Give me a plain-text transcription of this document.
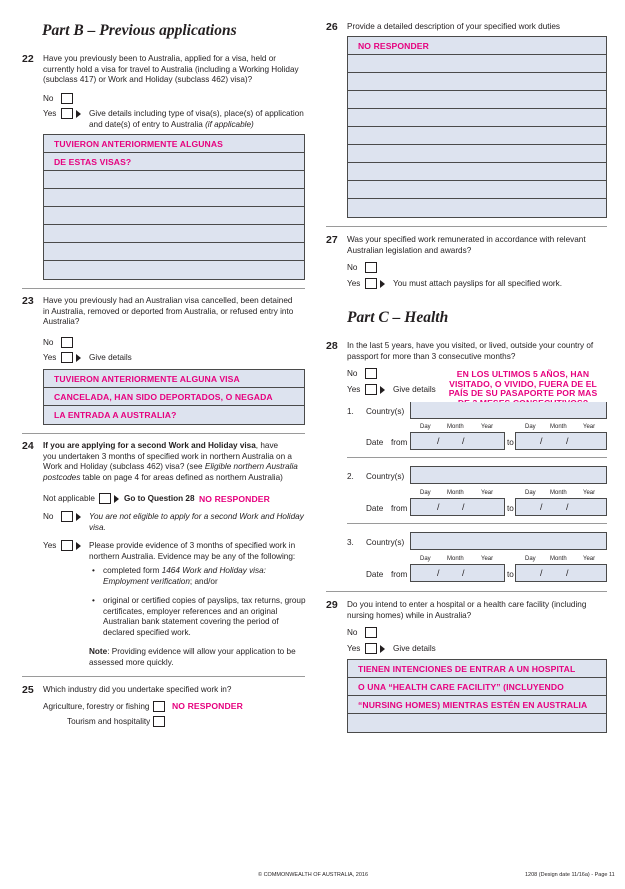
Part B – Previous applications
22 Have you previously been to Australia, applied for a visa, held or
currently hold a visa for travel to Australia (including a Working Holiday
(subclass 417) or Work and Holiday (subclass 462) visa)?
No
Yes	Give details including type of visa(s), place(s) of application
and date(s) of entry to Australia (if applicable)
TUVIERON ANTERIORMENTE ALGUNAS
DE ESTAS VISAS?
23 Have you previously had an Australian visa cancelled, been detained
in Australia, removed or deported from Australia, or refused entry into
Australia?
No
Yes	Give details
TUVIERON ANTERIORMENTE ALGUNA VISA
CANCELADA, HAN SIDO DEPORTADOS, O NEGADA
LA ENTRADA A AUSTRALIA?
24 If you are applying for a second Work and Holiday visa, have
you undertaken 3 months of specified work in northern Australia on a
Work and Holiday (subclass 462) visa? (see Eligible northern Australia
postcodes table on page 4 for areas defined as northern Australia)
Not applicable	Go to Question 28 NO RESPONDER
No	You are not eligible to apply for a second Work and Holiday
visa.
Yes	Please provide evidence of 3 months of specified work in
northern Australia. Evidence may be any of the following:
• completed form 1464 Work and Holiday visa:
Employment verification; and/or
• original or certified copies of payslips, tax returns, group
certificates, employer references and an original
Australian bank statement covering the period of
declared specified work.
Note: Providing evidence will allow your application to be
assessed more quickly.
25 Which industry did you undertake specified work in?
Agriculture, forestry or fishing	NO RESPONDER
Tourism and hospitality
26 Provide a detailed description of your specified work duties
NO RESPONDER
27 Was your specified work remunerated in accordance with relevant
Australian legislation and awards?
No
Yes	You must attach payslips for all specified work.
Part C – Health
28 In the last 5 years, have you visited, or lived, outside your country of
passport for more than 3 consecutive months?
No
Yes	Give details
EN LOS ULTIMOS 5 AÑOS, HAN
VISITADO, O VIVIDO, FUERA DE EL
PAÍS DE SU PASAPORTE POR MAS
1. Country(s)
Day	Month	Year	Day Month	Year
Date from	/ /	to	/	/
2. Country(s)
Day	Month	Year	Day Month	Year
Date from	/ /	to	/	/
3. Country(s)
Day	Month	Year	Day Month	Year
Date from	/ /	to	/	/
29 Do you intend to enter a hospital or a health care facility (including
nursing homes) while in Australia?
No
Yes	Give details
TIENEN INTENCIONES DE ENTRAR A UN HOSPITAL
O UNA “HEALTH CARE FACILITY” (INCLUYENDO
“NURSING HOMES) MIENTRAS ESTÉN EN AUSTRALIA
© COMMONWEALTH OF AUSTRALIA, 2016	1208 (Design date 11/16a) - Page 11
